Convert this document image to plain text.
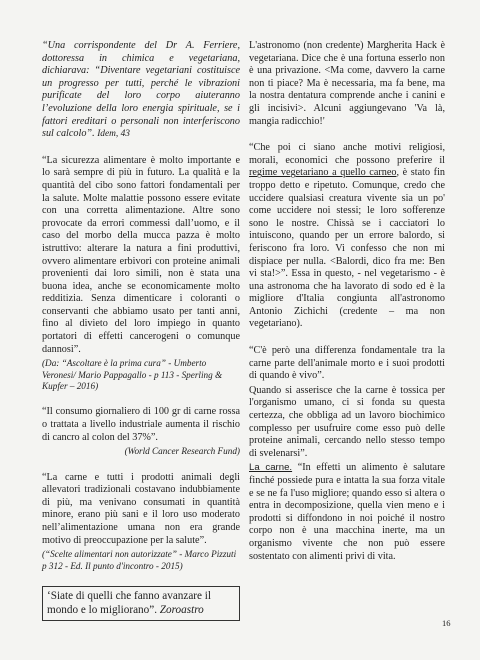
“Una corrispondente del Dr A. Ferriere, dottoressa in chimica e vegetariana, dichiarava: “Diventare vegetariani costituisce un progresso per tutti, perché le vibrazioni purificate del loro corpo aiuteranno l’evoluzione della loro energia spirituale, se i fattori ereditari o personali non interferiscono sul calcolo”. Idem, 43

“La sicurezza alimentare è molto importante e lo sarà sempre di più in futuro. La qualità e la quantità del cibo sono fattori fondamentali per la salute. Molte malattie possono essere evitate con una corretta alimentazione. Altre sono provocate da errori commessi dall’uomo, e il caso del morbo della mucca pazza è molto istruttivo: alterare la natura a fini produttivi, ovvero alimentare erbivori con proteine animali provenienti dai loro simili, non è stata una buona idea, anche se economicamente molto redditizia. Senza dimenticare i coloranti o conservanti che abbiamo usato per tanti anni, fino al divieto del loro impiego in quanto portatori di effetti cancerogeni o comunque dannosi”.

(Da: “Ascoltare è la prima cura” - Umberto Veronesi/ Mario Pappagallo - p 113 - Sperling & Kupfer – 2016)

“Il consumo giornaliero di 100 gr di carne rossa o trattata a livello industriale aumenta il rischio di cancro al colon del 37%”.

(World Cancer Research Fund)

“La carne e tutti i prodotti animali degli allevatori tradizionali costavano indubbiamente di più, ma venivano consumati in quantità minore, erano più sani e il loro uso moderato nell’alimentazione umana non era grande motivo di preoccupazione per la salute”.

(“Scelte alimentari non autorizzate” - Marco Pizzuti p 312 - Ed. Il punto d'incontro - 2015)

‘Siate di quelli che fanno avanzare il mondo e lo migliorano”. Zoroastro

L'astronomo (non credente) Margherita Hack è vegetariana. Dice che è una fortuna esserlo non è una privazione. <Ma come, davvero la carne non ti piace? Ma è necessaria, ma fa bene, ma la nostra dentatura comprende anche i canini e gli incisivi>. Alcuni aggiungevano 'Va là, mangia radicchio!'

“Che poi ci siano anche motivi religiosi, morali, economici che possono preferire il regime vegetariano a quello carneo, è stato fin troppo detto e ripetuto. Comunque, credo che uccidere qualsiasi creatura vivente sia un po' come uccidere noi stessi; le loro sofferenze sono le nostre. Chissà se i cacciatori lo intuiscono, quando per un errore balordo, si feriscono fra loro. Vi confesso che non mi dispiace per nulla. <Balordi, dico fra me: Ben vi sta!>”. Essa in questo, - nel vegetarismo - è una astronoma che ha lavorato di sodo ed è la migliore d'Italia congiunta all'astronomo Antonio Zichichi (credente – ma non vegetariano).

“C'è però una differenza fondamentale tra la carne parte dell'animale morto e i suoi prodotti di quando è vivo”.

Quando si asserisce che la carne è tossica per l'organismo umano, ci si fonda su questa certezza, che obbliga ad un lavoro biochimico complesso per usufruire come esso può delle proteine animali, cercando nello stesso tempo di svelenarsi”.

La carne. “In effetti un alimento è salutare finché possiede pura e intatta la sua forza vitale e se ne fa l'uso migliore; quando esso si altera o entra in decomposizione, quella vien meno e i prodotti si diffondono in noi poiché il nostro corpo non è una macchina inerte, ma un organismo vivente che non può essere sostentato con alimenti privi di vita.

16
